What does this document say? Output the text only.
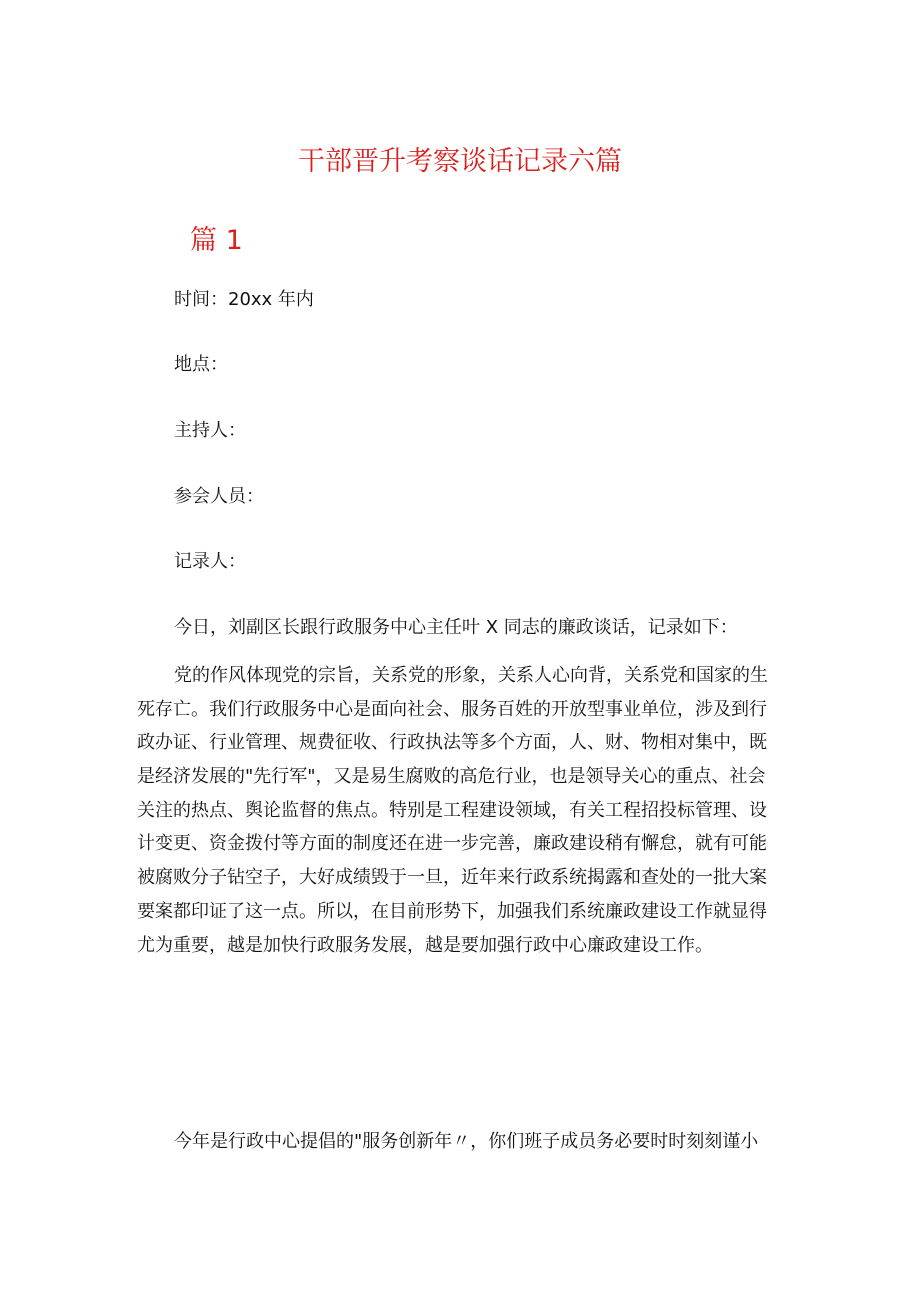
干部晋升考察谈话记录六篇
篇 1

时间：20xx 年内

地点：

主持人：

参会人员：

记录人：

今日，刘副区长跟行政服务中心主任叶 X 同志的廉政谈话，记录如下：

党的作风体现党的宗旨，关系党的形象，关系人心向背，关系党和国家的生
死存亡。我们行政服务中心是面向社会、服务百姓的开放型事业单位，涉及到行
政办证、行业管理、规费征收、行政执法等多个方面，人、财、物相对集中，既
是经济发展的"先行军"，又是易生腐败的高危行业，也是领导关心的重点、社会
关注的热点、舆论监督的焦点。特别是工程建设领域，有关工程招投标管理、设
计变更、资金拨付等方面的制度还在进一步完善，廉政建设稍有懈怠，就有可能
被腐败分子钻空子，大好成绩毁于一旦，近年来行政系统揭露和查处的一批大案
要案都印证了这一点。所以，在目前形势下，加强我们系统廉政建设工作就显得
尤为重要，越是加快行政服务发展，越是要加强行政中心廉政建设工作。
今年是行政中心提倡的"服务创新年〃，你们班子成员务必要时时刻刻谨小
